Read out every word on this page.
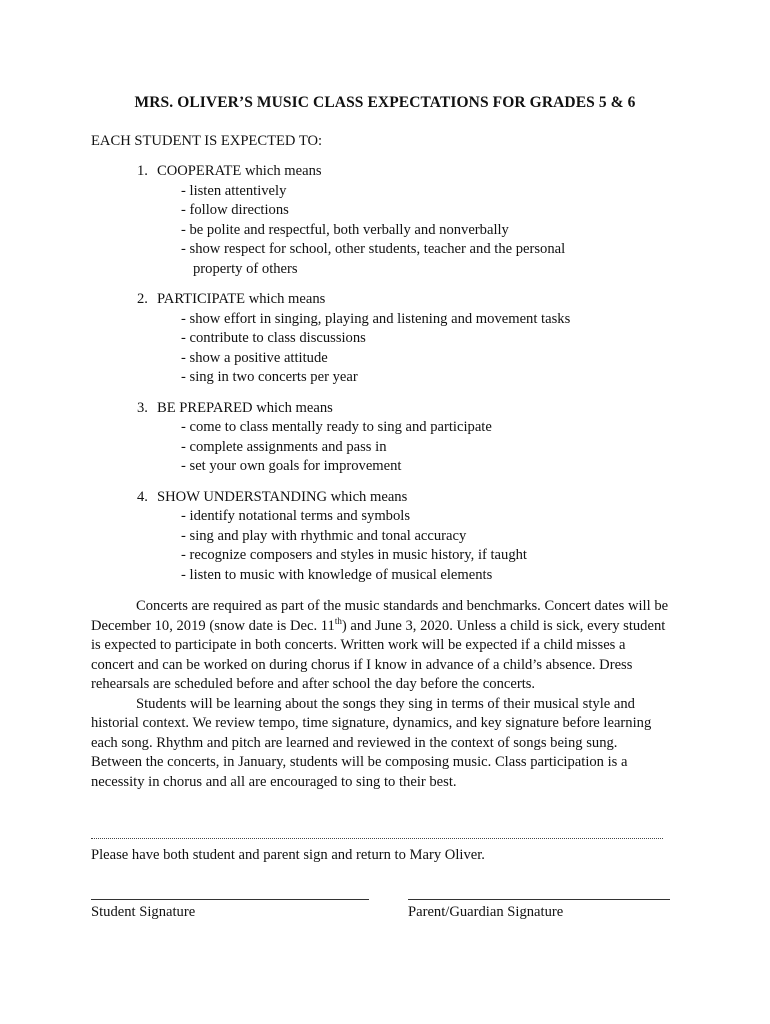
MRS. OLIVER’S MUSIC CLASS EXPECTATIONS FOR GRADES 5 & 6
EACH STUDENT IS EXPECTED TO:
1. COOPERATE which means
- listen attentively
- follow directions
- be polite and respectful, both verbally and nonverbally
- show respect for school, other students, teacher and the personal
property of others
2. PARTICIPATE which means
- show effort in singing, playing and listening and movement tasks
- contribute to class discussions
- show a positive attitude
- sing in two concerts per year
3. BE PREPARED which means
- come to class mentally ready to sing and participate
- complete assignments and pass in
- set your own goals for improvement
4. SHOW UNDERSTANDING which means
- identify notational terms and symbols
- sing and play with rhythmic and tonal accuracy
- recognize composers and styles in music history, if taught
- listen to music with knowledge of musical elements

Concerts are required as part of the music standards and benchmarks. Concert dates will be December 10, 2019 (snow date is Dec. 11th) and June 3, 2020. Unless a child is sick, every student is expected to participate in both concerts. Written work will be expected if a child misses a concert and can be worked on during chorus if I know in advance of a child’s absence. Dress rehearsals are scheduled before and after school the day before the concerts.

Students will be learning about the songs they sing in terms of their musical style and historial context. We review tempo, time signature, dynamics, and key signature before learning each song. Rhythm and pitch are learned and reviewed in the context of songs being sung. Between the concerts, in January, students will be composing music. Class participation is a necessity in chorus and all are encouraged to sing to their best.

Please have both student and parent sign and return to Mary Oliver.
Student Signature	Parent/Guardian Signature
